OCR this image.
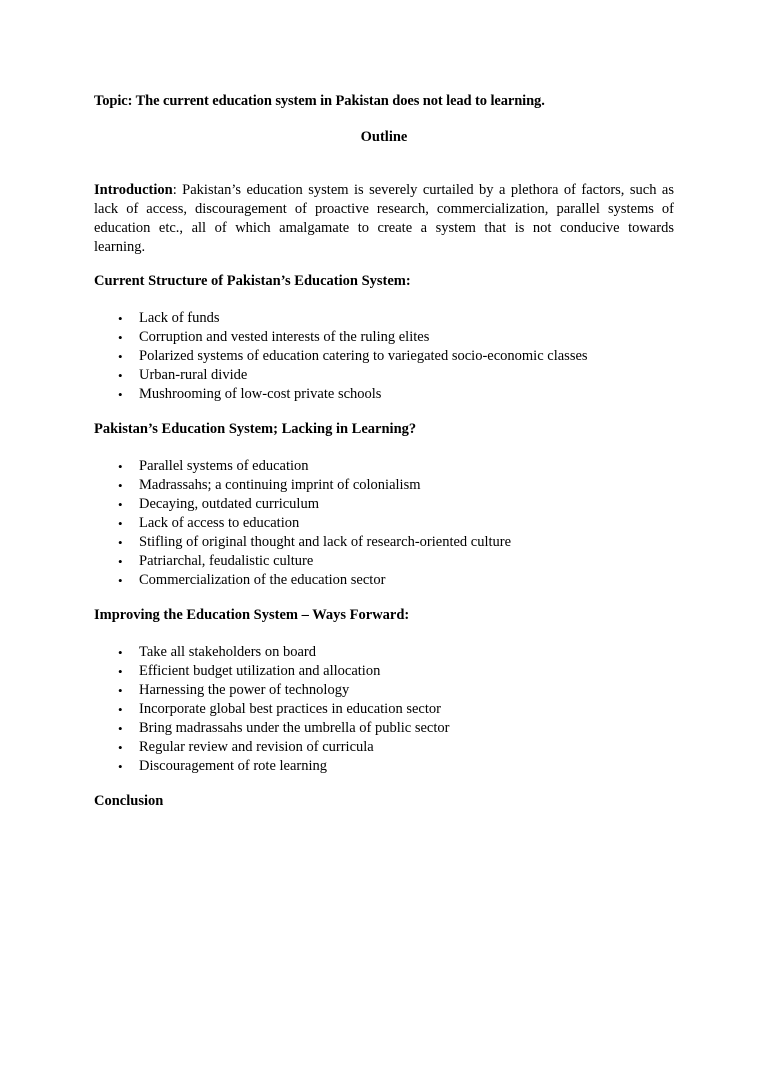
Topic: The current education system in Pakistan does not lead to learning.
Outline

Introduction: Pakistan’s education system is severely curtailed by a plethora of factors, such as lack of access, discouragement of proactive research, commercialization, parallel systems of education etc., all of which amalgamate to create a system that is not conducive towards learning.

Current Structure of Pakistan’s Education System:
• Lack of funds
• Corruption and vested interests of the ruling elites
• Polarized systems of education catering to variegated socio-economic classes
• Urban-rural divide
• Mushrooming of low-cost private schools
Pakistan’s Education System; Lacking in Learning?
• Parallel systems of education
• Madrassahs; a continuing imprint of colonialism
• Decaying, outdated curriculum
• Lack of access to education
• Stifling of original thought and lack of research-oriented culture
• Patriarchal, feudalistic culture
• Commercialization of the education sector
Improving the Education System – Ways Forward:
• Take all stakeholders on board
• Efficient budget utilization and allocation
• Harnessing the power of technology
• Incorporate global best practices in education sector
• Bring madrassahs under the umbrella of public sector
• Regular review and revision of curricula
• Discouragement of rote learning
Conclusion
